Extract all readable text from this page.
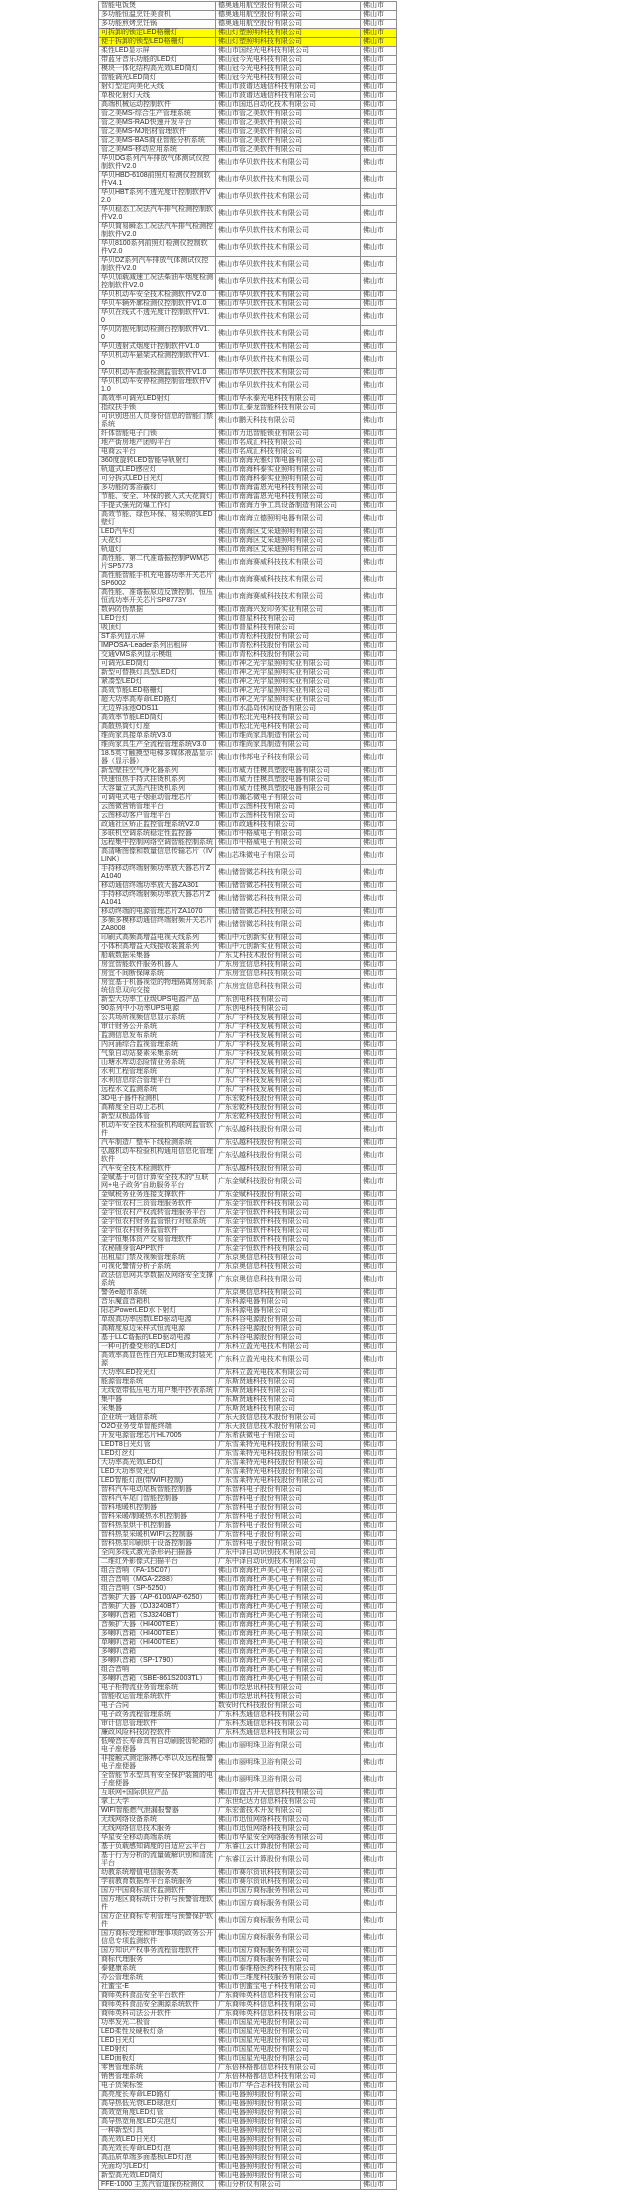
智能电饭煲	德奥通用航空股份有限公司	佛山市
多功能恒温烹饪美食机	德奥通用航空股份有限公司	佛山市
多功能煎烤烹饪锅	德奥通用航空股份有限公司	佛山市
可拆卸的锁定LED格栅灯	佛山灯塑照明科技有限公司	佛山市
便于拆卸的锁型LED格栅灯	佛山灯塑照明科技有限公司	佛山市
柔性LED显示屏	佛山市国经光电科技有限公司	佛山市
带蓝牙音乐功能的LED灯	佛山冠今光电科技有限公司	佛山市
模块一体化结构高光效LED筒灯	佛山冠今光电科技有限公司	佛山市
智能调光LED筒灯	佛山冠今光电科技有限公司	佛山市
射灯型定向美化天线	佛山市波谱达通信科技有限公司	佛山市
单极化射灯天线	佛山市波谱达通信科技有限公司	佛山市
高端机械运动控制软件	佛山市国迅自动化技术有限公司	佛山市
管之美MS-综合生产管理系统	佛山市管之美软件有限公司	佛山市
管之美MS-RAD快速开发平台	佛山市管之美软件有限公司	佛山市
管之美MS-MJ铝材管理软件	佛山市管之美软件有限公司	佛山市
管之美MS-BAS商业智能分析系统	佛山市管之美软件有限公司	佛山市
管之美MS-移动应用系统	佛山市管之美软件有限公司	佛山市
华贝DG系列汽车排放气体测试仪控制软件V2.0	佛山市华贝软件技术有限公司	佛山市
华贝HBD-6108前照灯检测仪控制软件V4.1	佛山市华贝软件技术有限公司	佛山市
华贝HBT系列不透光度计控制软件V2.0	佛山市华贝软件技术有限公司	佛山市
华贝稳态工况法汽车排气检测控制软件V2.0	佛山市华贝软件技术有限公司	佛山市
华贝简易瞬态工况法汽车排气检测控制软件V2.0	佛山市华贝软件技术有限公司	佛山市
华贝8100系列前照灯检测仪控制软件V2.0	佛山市华贝软件技术有限公司	佛山市
华贝DZ系列汽车排放气体测试仪控制软件V2.0	佛山市华贝软件技术有限公司	佛山市
华贝加载减速工况法柴油车烟度检测控制软件V2.0	佛山市华贝软件技术有限公司	佛山市
华贝机动车安全技术检测软件V2.0	佛山市华贝软件技术有限公司	佛山市
华贝车辆外廓检测仪控制软件V1.0	佛山市华贝软件技术有限公司	佛山市
华贝在线式不透光度计控制软件V1.0	佛山市华贝软件技术有限公司	佛山市
华贝防抱死制动检测台控制软件V1.0	佛山市华贝软件技术有限公司	佛山市
华贝透射式烟度计控制软件V1.0	佛山市华贝软件技术有限公司	佛山市
华贝机动车悬架式检测控制软件V1.0	佛山市华贝软件技术有限公司	佛山市
华贝机动车查验检测监管软件V1.0	佛山市华贝软件技术有限公司	佛山市
华贝机动车安停检测控制管理软件V1.0	佛山市华贝软件技术有限公司	佛山市
高效率可调光LED射灯	佛山市华永泰光电科技有限公司	佛山市
指纹扶手锁	佛山市汇泰龙智能科技有限公司	佛山市
可识别进出人员身份信息的智能门禁系统	佛山市鹏天科技有限公司	佛山市
纤体智能电子门锁	佛山市力迅智能锁业有限公司	佛山市
地产街房地产团购平台	佛山市名成汇科技有限公司	佛山市
电商云平台	佛山市名成汇科技有限公司	佛山市
360度旋转LED智能导轨射灯	佛山市南海光雅灯饰电器有限公司	佛山市
轨道式LED感应灯	佛山市南海科泰实业照明有限公司	佛山市
可分拆式LED日光灯	佛山市南海科泰实业照明有限公司	佛山市
多功能防雾浴霸灯	佛山市南海雷恩光电科技有限公司	佛山市
节能、安全、环保的嵌入式天花筒灯	佛山市南海雷恩光电科技有限公司	佛山市
手提式强光防爆工作灯	佛山市南海力争工具设备制造有限公司	佛山市
高效节能、绿色环保、易采购的LED壁灯	佛山市南海立德照明电器有限公司	佛山市
LED汽车灯	佛山市南海区艾采迪照明有限公司	佛山市
天花灯	佛山市南海区艾采迪照明有限公司	佛山市
轨道灯	佛山市南海区艾采迪照明有限公司	佛山市
高性能、第二代准谐振控制PWM芯片SP5773	佛山市南海赛威科技技术有限公司	佛山市
高性能智能手机充电器功率开关芯片SP6002	佛山市南海赛威科技技术有限公司	佛山市
高性能、准谐振原边反馈控制、恒压恒流功率开关芯片SP8773Y	佛山市南海赛威科技技术有限公司	佛山市
数码防伪票据	佛山市南海兴发印务实业有限公司	佛山市
LED台灯	佛山市普星科技有限公司	佛山市
吸顶灯	佛山市普星科技有限公司	佛山市
ST系列显示屏	佛山市青松科技股份有限公司	佛山市
IMPOSA-Leader系列出租屏	佛山市青松科技股份有限公司	佛山市
交通VMS系列显示模组	佛山市青松科技股份有限公司	佛山市
可调光LED筒灯	佛山市神之光宇星照明实业有限公司	佛山市
新型可替换灯具型LED灯	佛山市神之光宇星照明实业有限公司	佛山市
紧凑型LED灯	佛山市神之光宇星照明实业有限公司	佛山市
高效节能LED格栅灯	佛山市神之光宇星照明实业有限公司	佛山市
超大功率高寿命LED路灯	佛山市神之光宇星照明实业有限公司	佛山市
无边界泳池ODS11	佛山市水晶岛休闲设备有限公司	佛山市
高效率节能LED筒灯	佛山市松北光电科技有限公司	佛山市
高散热筒灯灯座	佛山市松北光电科技有限公司	佛山市
维尚家具接单系统V3.0	佛山市维尚家具制造有限公司	佛山市
维尚家具生产全流程管理系统V3.0	佛山市维尚家具制造有限公司	佛山市
18.5英寸触摸型电梯多媒体液晶显示器（显示器）	佛山市伟邦电子科技有限公司	佛山市
新型壁挂空气净化器系列	佛山市威力佳模具塑胶电器有限公司	佛山市
快速恒热手持式挂烫机系列	佛山市威力佳模具塑胶电器有限公司	佛山市
大容量立式蒸汽挂烫机系列	佛山市威力佳模具塑胶电器有限公司	佛山市
可调电式电子烟驱动管理芯片	佛山市瀚芯微电子有限公司	佛山市
云图微营销管理平台	佛山市云图科技有限公司	佛山市
云图移动客户管理平台	佛山市云图科技有限公司	佛山市
政通社区矫正监控管理系统V2.0	佛山市政通科技有限公司	佛山市
多联机空调系统稳定性监控器	佛山市中格威电子有限公司	佛山市
远程集中控制网络空调智能控制系统	佛山市中格威电子有限公司	佛山市
高清晰图像和数量信息传输芯片（IVLINK）	佛山芯珠微电子有限公司	佛山市
手持移动终端射频功率放大器芯片ZA1040	佛山锗智微芯科技有限公司	佛山市
移动通信终端功率放大器ZA301	佛山锗智微芯科技有限公司	佛山市
手持移动终端射频功率放大器芯片ZA1041	佛山锗智微芯科技有限公司	佛山市
移动终端的电源管理芯片ZA1070	佛山锗智微芯科技有限公司	佛山市
多频多模移动通信终端射频开关芯片ZA8008	佛山锗智微芯科技有限公司	佛山市
印刷式高频高增益电视天线系列	佛山中元创新实业有限公司	佛山市
小体积高增益天线接收装置系列	佛山中元创新实业有限公司	佛山市
船载数据采集器	广东艾科技术股份有限公司	佛山市
房宜智能软件服务机器人	广东房宜信息科技有限公司	佛山市
房宜不间断保障系统	广东房宜信息科技有限公司	佛山市
房宜基于机器视觉的物理隔离房间系统信息双向交接	广东房宜信息科技有限公司	佛山市
新型大功率工业级UPS电源产品	广东创电科技有限公司	佛山市
90系列中小功率UPS电源	广东创电科技有限公司	佛山市
公共场所视频信息显示系统	广东广宇科技发展有限公司	佛山市
审计财务公开系统	广东广宇科技发展有限公司	佛山市
监测信息发布系统	广东广宇科技发展有限公司	佛山市
内河涌综合监视管理系统	广东广宇科技发展有限公司	佛山市
气象自动站要素采集系统	广东广宇科技发展有限公司	佛山市
山塘水库动态险情业务系统	广东广宇科技发展有限公司	佛山市
水利工程管理系统	广东广宇科技发展有限公司	佛山市
水利信息综合管理平台	广东广宇科技发展有限公司	佛山市
远程水文监测系统	广东广宇科技发展有限公司	佛山市
3D电子器件检测机	广东宏乾科技股份有限公司	佛山市
高精度全自动上芯机	广东宏乾科技股份有限公司	佛山市
新型双极晶体管	广东宏乾科技股份有限公司	佛山市
机动车安全技术检验机构联网监管软件	广东弘越科技股份有限公司	佛山市
汽车制造厂整车下线检测系统	广东弘越科技股份有限公司	佛山市
弘越机动车检验机构通用信息化管理软件	广东弘越科技股份有限公司	佛山市
汽车安全技术检测软件	广东弘越科技股份有限公司	佛山市
金赋基于可信计算安全技术的“互联网+电子政务”自助服务平台	广东金赋科技股份有限公司	佛山市
金赋税务业务连接支撑软件	广东金赋科技股份有限公司	佛山市
金宇恒农村三资管理服务软件	广东金宇恒软件科技有限公司	佛山市
金宇恒农村产权流转管理服务平台	广东金宇恒软件科技有限公司	佛山市
金宇恒农村财务监管银行对账系统	广东金宇恒软件科技有限公司	佛山市
金宇恒农村财务监管软件	广东金宇恒软件科技有限公司	佛山市
金宇恒集体资产交易管理软件	广东金宇恒软件科技有限公司	佛山市
农秘随身管APP软件	广东金宇恒软件科技有限公司	佛山市
出租屋门禁及视频管理系统	广东京奥信息科技有限公司	佛山市
可视化警情分析子系统	广东京奥信息科技有限公司	佛山市
政法信息网共享数据及网络安全支撑系统	广东京奥信息科技有限公司	佛山市
警务e超市系统	广东京奥信息科技有限公司	佛山市
音乐魔盒音箱机	广东科源电器有限公司	佛山市
阳芯PowerLED水下射灯	广东科源电器有限公司	佛山市
单级高功率因数LED驱动电源	广东科谷电源股份有限公司	佛山市
高精度原边采样式恒流电源	广东科谷电源股份有限公司	佛山市
基于LLC谐振的LED驱动电源	广东科谷电源股份有限公司	佛山市
一种可折叠变形的LED灯	广东科立盈光电技术有限公司	佛山市
高效率高显色性白光LED集成封装光源	广东科立盈光电技术有限公司	佛山市
大功率LED投光灯	广东科立盈光电技术有限公司	佛山市
能源管理系统	广东斯贤通科技有限公司	佛山市
无线宽带低压电力用户集中抄表系统	广东斯贤通科技有限公司	佛山市
集中器	广东斯贤通科技有限公司	佛山市
采集器	广东斯贤通科技有限公司	佛山市
企业统一通信系统	广东天波信息技术股份有限公司	佛山市
O2O业务受单智能终端	广东天波信息技术股份有限公司	佛山市
开发电源管理芯片HL7005	广东希荻微电子有限公司	佛山市
LEDT8日光灯管	广东雪莱特光电科技股份有限公司	佛山市
LED灯丝灯	广东雪莱特光电科技股份有限公司	佛山市
大功率高光效LED灯	广东雪莱特光电科技股份有限公司	佛山市
LED大功率荧光灯	广东雪莱特光电科技股份有限公司	佛山市
LED智能灯泡(带WIFI控制)	广东雪莱特光电科技股份有限公司	佛山市
智科汽车电动尾板智能控制器	广东智科电子股份有限公司	佛山市
智科汽车尾门智能控制器	广东智科电子股份有限公司	佛山市
智科地暖机控制器	广东智科电子股份有限公司	佛山市
智科采暖/制暖热水机控制器	广东智科电子股份有限公司	佛山市
智科热泵烘干机控制器	广东智科电子股份有限公司	佛山市
智科热泵采暖机WIFI云控制器	广东智科电子股份有限公司	佛山市
智科热泵印刷烘干设备控制器	广东智科电子股份有限公司	佛山市
全向多线式激光条形码扫描器	广东中泽自动识别技术有限公司	佛山市
二维红外影像式扫描平台	广东中泽自动识别技术有限公司	佛山市
组合音响（FA-15C07）	佛山市南海杜声美心电子有限公司	佛山市
组合音响（MGA-2288）	佛山市南海杜声美心电子有限公司	佛山市
组合音响（SP-5250）	佛山市南海杜声美心电子有限公司	佛山市
音频扩大器（AP-6100/AP-6250）	佛山市南海杜声美心电子有限公司	佛山市
音频扩大器（DJ3240BT）	佛山市南海杜声美心电子有限公司	佛山市
多喇叭音箱（SJ3240BT）	佛山市南海杜声美心电子有限公司	佛山市
音频扩大器（HI400TEE）	佛山市南海杜声美心电子有限公司	佛山市
多喇叭音箱（HI400TEE）	佛山市南海杜声美心电子有限公司	佛山市
单喇叭音箱（HI400TEE）	佛山市南海杜声美心电子有限公司	佛山市
多喇叭音箱	佛山市南海杜声美心电子有限公司	佛山市
多喇叭音箱（SP-1790）	佛山市南海杜声美心电子有限公司	佛山市
组合音响	佛山市南海杜声美心电子有限公司	佛山市
多喇叭音箱（SBE-861S2003TL）	佛山市南海杜声美心电子有限公司	佛山市
电子柜物流业务管理系统	佛山市绘思讯科技有限公司	佛山市
智能收运管理系统软件	佛山市绘思讯科技有限公司	佛山市
电子合同	数安时代科技股份有限公司	佛山市
电子政务流程管理系统	广东科杰通信息科技有限公司	佛山市
审计信息管理软件	广东科杰通信息科技有限公司	佛山市
廉政风险科技防控软件	广东科杰通信息科技有限公司	佛山市
低噪音长寿命具有自动刷脱齿轮箱的电子座便器	佛山市丽明珠卫浴有限公司	佛山市
非接触式测定脉搏心率以及远程报警电子座便器	佛山市丽明珠卫浴有限公司	佛山市
全智能节水型具有安全保护装置的电子座便器	佛山市丽明珠卫浴有限公司	佛山市
互联网+国际供应产品	佛山市盘古开天信息科技有限公司	佛山市
掌上大学	广东世纪达力信息科技有限公司	佛山市
WIFI智能燃气泄漏报警器	广东宏蕾技术开发有限公司	佛山市
无线网络设备系统	佛山市迅恒网络科技有限公司	佛山市
无线网络信息技术服务	佛山市迅恒网络科技有限公司	佛山市
华星安全移动高端系统	佛山市华星安全网络服务有限公司	佛山市
基于负载感知调度的自适应云平台	广东睿江云计算股份有限公司	佛山市
基于行为分析的流量破解识别和清洗平台	广东睿江云计算股份有限公司	佛山市
幼教系统增值电信服务类	佛山市赛尔资讯科技有限公司	佛山市
学前教育数据库平台系统服务	佛山市赛尔资讯科技有限公司	佛山市
国方中国商标宣传监测软件	佛山市国方商标服务有限公司	佛山市
国方地区商标统计分析与预警管理软件	佛山市国方商标服务有限公司	佛山市
国方企业商标专利管理与预警保护软件	佛山市国方商标服务有限公司	佛山市
国方商标受理和审理事项的政务公开信息专项监测软件	佛山市国方商标服务有限公司	佛山市
国方知识产权事务流程管理软件	佛山市国方商标服务有限公司	佛山市
商标代理服务	佛山市国方商标服务有限公司	佛山市
泰健康系统	佛山市泰维格医药科技有限公司	佛山市
办公管理系统	佛山市三维度科技服务有限公司	佛山市
社蜜宝-E	佛山市创蜜宝电子科技有限公司	佛山市
商师英科食品安全平台软件	广东商师英科信息科技有限公司	佛山市
商师英科食品安全溯源系统软件	广东商师英科信息科技有限公司	佛山市
商师英科司法公开软件	广东商师英科信息科技有限公司	佛山市
功率发光二极管	佛山市国星光电股份有限公司	佛山市
LED柔性及硬板灯条	佛山市国星光电股份有限公司	佛山市
LED日光灯	佛山市国星光电股份有限公司	佛山市
LED射灯	佛山市国星光电股份有限公司	佛山市
LED面板灯	佛山市国星光电股份有限公司	佛山市
零售管理系统	广东倍林格都信息科技有限公司	佛山市
销售管理系统	广东倍林格都信息科技有限公司	佛山市
电子货架标签	佛山市广华合志科技有限公司	佛山市
高亮度长寿命LED路灯	佛山电器照明股份有限公司	佛山市
高导热低光衰LED球泡灯	佛山电器照明股份有限公司	佛山市
高效宽角度LED灯管	佛山电器照明股份有限公司	佛山市
高导热宽角度LED尖泡灯	佛山电器照明股份有限公司	佛山市
一种新型灯具	佛山电器照明股份有限公司	佛山市
高光效LED日光灯	佛山电器照明股份有限公司	佛山市
高光效长寿命LED灯泡	佛山电器照明股份有限公司	佛山市
高品质单端多面基板LED灯泡	佛山电器照明股份有限公司	佛山市
光面均匀LED灯	佛山电器照明股份有限公司	佛山市
新型高光效LED筒灯	佛山电器照明股份有限公司	佛山市
FFE-1000 主蒸汽管道探伤检测仪	佛山分析仪有限公司	佛山市
